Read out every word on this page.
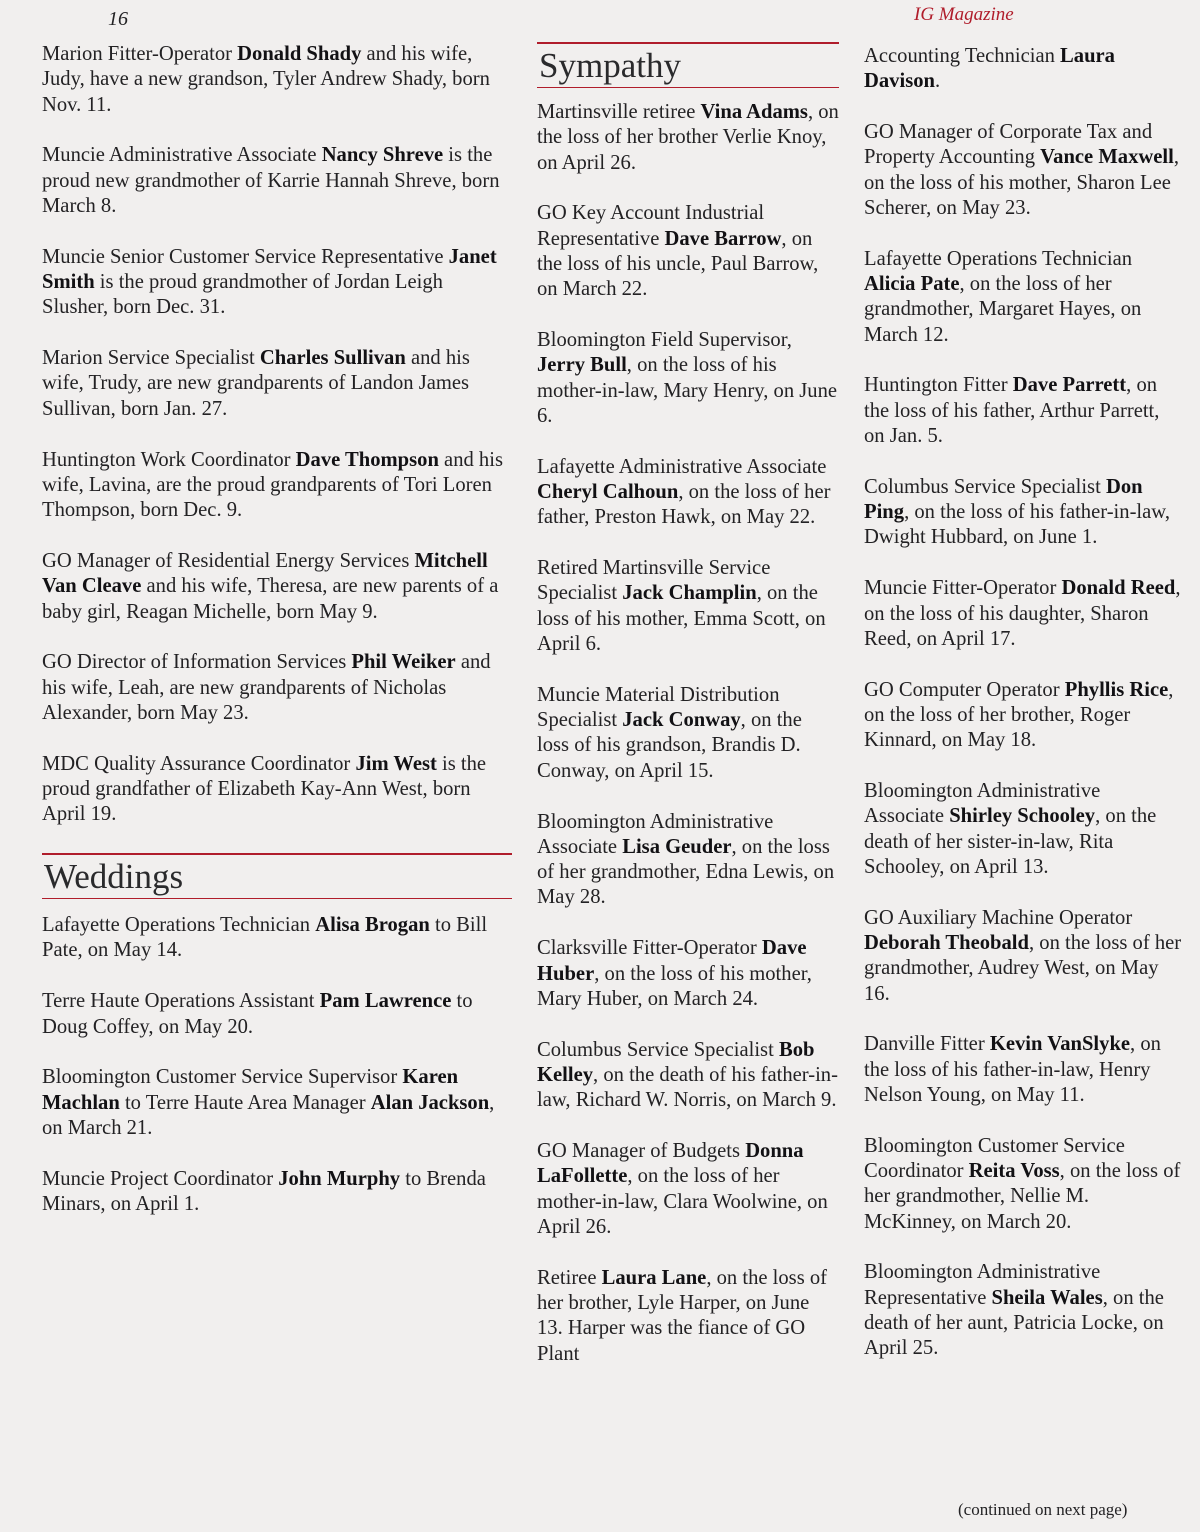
16	IG Magazine

Marion Fitter-Operator Donald Shady and his wife, Judy, have a new grandson, Tyler Andrew Shady, born Nov. 11.

Muncie Administrative Associate Nancy Shreve is the proud new grandmother of Karrie Hannah Shreve, born March 8.

Muncie Senior Customer Service Representative Janet Smith is the proud grandmother of Jordan Leigh Slusher, born Dec. 31.

Marion Service Specialist Charles Sullivan and his wife, Trudy, are new grandparents of Landon James Sullivan, born Jan. 27.

Huntington Work Coordinator Dave Thompson and his wife, Lavina, are the proud grandparents of Tori Loren Thompson, born Dec. 9.

GO Manager of Residential Energy Services Mitchell Van Cleave and his wife, Theresa, are new parents of a baby girl, Reagan Michelle, born May 9.

GO Director of Information Services Phil Weiker and his wife, Leah, are new grandparents of Nicholas Alexander, born May 23.

MDC Quality Assurance Coordinator Jim West is the proud grandfather of Elizabeth Kay-Ann West, born April 19.

Weddings

Lafayette Operations Technician Alisa Brogan to Bill Pate, on May 14.

Terre Haute Operations Assistant Pam Lawrence to Doug Coffey, on May 20.

Bloomington Customer Service Supervisor Karen Machlan to Terre Haute Area Manager Alan Jackson, on March 21.

Muncie Project Coordinator John Murphy to Brenda Minars, on April 1.

Sympathy

Martinsville retiree Vina Adams, on the loss of her brother Verlie Knoy, on April 26.

GO Key Account Industrial Representative Dave Barrow, on the loss of his uncle, Paul Barrow, on March 22.

Bloomington Field Supervisor, Jerry Bull, on the loss of his mother-in-law, Mary Henry, on June 6.

Lafayette Administrative Associate Cheryl Calhoun, on the loss of her father, Preston Hawk, on May 22.

Retired Martinsville Service Specialist Jack Champlin, on the loss of his mother, Emma Scott, on April 6.

Muncie Material Distribution Specialist Jack Conway, on the loss of his grandson, Brandis D. Conway, on April 15.

Bloomington Administrative Associate Lisa Geuder, on the loss of her grandmother, Edna Lewis, on May 28.

Clarksville Fitter-Operator Dave Huber, on the loss of his mother, Mary Huber, on March 24.

Columbus Service Specialist Bob Kelley, on the death of his father-in-law, Richard W. Norris, on March 9.

GO Manager of Budgets Donna LaFollette, on the loss of her mother-in-law, Clara Woolwine, on April 26.

Retiree Laura Lane, on the loss of her brother, Lyle Harper, on June 13. Harper was the fiance of GO Plant

Accounting Technician Laura Davison.

GO Manager of Corporate Tax and Property Accounting Vance Maxwell, on the loss of his mother, Sharon Lee Scherer, on May 23.

Lafayette Operations Technician Alicia Pate, on the loss of her grandmother, Margaret Hayes, on March 12.

Huntington Fitter Dave Parrett, on the loss of his father, Arthur Parrett, on Jan. 5.

Columbus Service Specialist Don Ping, on the loss of his father-in-law, Dwight Hubbard, on June 1.

Muncie Fitter-Operator Donald Reed, on the loss of his daughter, Sharon Reed, on April 17.

GO Computer Operator Phyllis Rice, on the loss of her brother, Roger Kinnard, on May 18.

Bloomington Administrative Associate Shirley Schooley, on the death of her sister-in-law, Rita Schooley, on April 13.

GO Auxiliary Machine Operator Deborah Theobald, on the loss of her grandmother, Audrey West, on May 16.

Danville Fitter Kevin VanSlyke, on the loss of his father-in-law, Henry Nelson Young, on May 11.

Bloomington Customer Service Coordinator Reita Voss, on the loss of her grandmother, Nellie M. McKinney, on March 20.

Bloomington Administrative Representative Sheila Wales, on the death of her aunt, Patricia Locke, on April 25.

(continued on next page)
